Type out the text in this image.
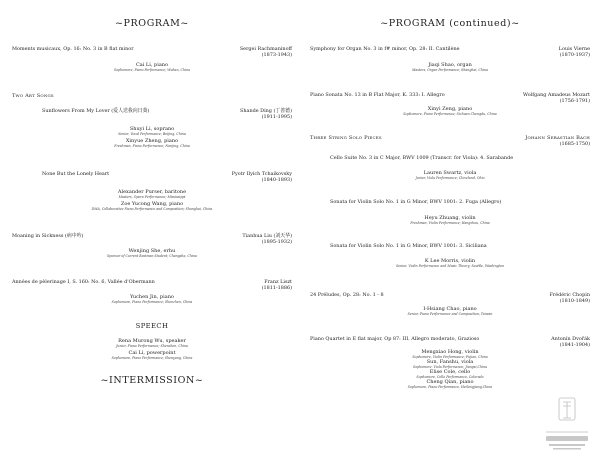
~PROGRAM~
Moments musicaux, Op. 16: No. 3 in B flat minor	Sergei Rachmaninoff
(1873-1943)
Cai Li, piano
Sophomore, Piano Performance; Wuhan, China
Two Art Songs
Sunflowers From My Lover (爱人送我向日葵)	Shande Ding (丁善德)
(1911-1995)
Shuyi Li, soprano
Senior, Vocal Performance; Beijing, China
Xinyue Zheng, piano
Freshman, Piano Performance; Nanjing, China
None But the Lonely Heart	Pyotr Ilyich Tchaikovsky
(1840-1893)
Alexander Purser, baritone
Masters, Opera Performance; Mississippi
Zoe Yucong Wang, piano
DMA, Collaborative Piano Performance and Composition; Shanghai, China
Moaning in Sickness (病中吟)	Tianhua Liu (刘天华)
(1895-1932)
Wenjing She, erhu
Sponsor of Current Eastman Student; Changsha, China
Années de pèlerinage I, S. 160: No. 6, Vallée d'Obermann	Franz Liszt
(1811-1886)
Yuchen Jin, piano
Sophomore, Piano Performance; Shenzhen, China
SPEECH
Rena Murong Wu, speaker
Junior, Piano Performance; Shenzhen, China
Cai Li, powerpoint
Sophomore, Piano Performance; Shenyang, China
~INTERMISSION~
~PROGRAM (continued)~
Symphony for Organ No. 3 in f# minor, Op. 28: II. Cantilène	Louis Vierne
(1870-1937)
Jiaqi Shao, organ
Masters, Organ Performance; Shanghai, China
Piano Sonata No. 13 in B Flat Major, K. 333: I. Allegro	Wolfgang Amadeus Mozart
(1756-1791)
Xinyi Zeng, piano
Sophomore, Piano Performance; Sichuan Chengdu, China
Three String Solo Pieces	Johann Sebastian Bach
(1685-1750)
Cello Suite No. 3 in C Major, BWV 1009 (Transcr. for Viola): 4. Sarabande
Lauren Swartz, viola
Junior, Viola Performance; Cleveland, Ohio
Sonata for Violin Solo No. 1 in G Minor, BWV 1001: 2. Fuga (Allegro)
Heyu Zhuang, violin
Freshman, Violin Performance; Hangzhou, China
Sonata for Violin Solo No. 1 in G Minor, BWV 1001: 3. Siciliana
K Lee Morris, violin
Senior, Violin Performance and Music Theory; Seattle, Washington
24 Préludes, Op. 28: No. 1 - 8	Frédéric Chopin
(1810-1849)
I-Hsiang Chao, piano
Senior, Piano Performance and Composition; Taiwan
Piano Quartet in E flat major, Op 87: III. Allegro moderato, Grazioso	Antonín Dvořák
(1841-1904)
Mengxiao Hong, violin
Sophomore, Violin Performance; Fujian, China
Sun, Fanshu, viola
Sophomore, Viola Performance; Jiangxi,China
Elise Cole, cello
Sophomore, Cello Performance, Colorado
Cheng Qian, piano
Sophomore, Piano Performance, Heilongjiang,China
